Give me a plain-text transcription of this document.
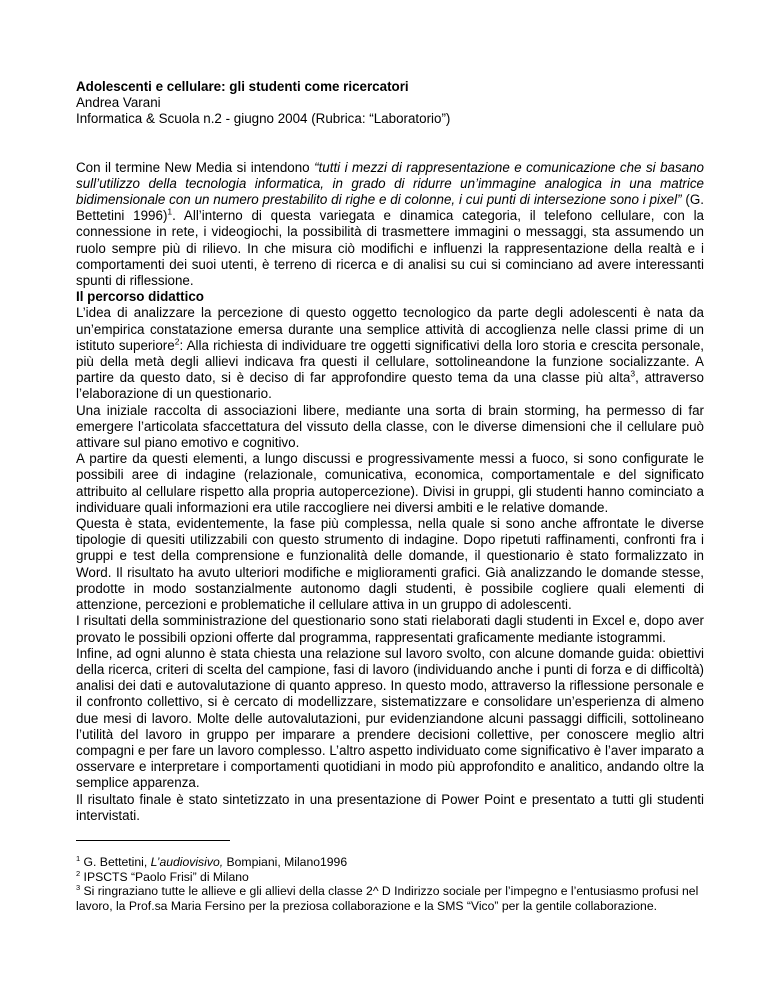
Adolescenti e cellulare: gli studenti come ricercatori

Andrea Varani

Informatica & Scuola n.2 - giugno 2004 (Rubrica: “Laboratorio”)

Con il termine New Media si intendono “tutti i mezzi di rappresentazione e comunicazione che si basano sull’utilizzo della tecnologia informatica, in grado di ridurre un’immagine analogica in una matrice bidimensionale con un numero prestabilito di righe e di colonne, i cui punti di intersezione sono i pixel” (G. Bettetini 1996)$^1$. All’interno di questa variegata e dinamica categoria, il telefono cellulare, con la connessione in rete, i videogiochi, la possibilità di trasmettere immagini o messaggi, sta assumendo un ruolo sempre più di rilievo. In che misura ciò modifichi e influenzi la rappresentazione della realtà e i comportamenti dei suoi utenti, è terreno di ricerca e di analisi su cui si cominciano ad avere interessanti spunti di riflessione.

Il percorso didattico

L’idea di analizzare la percezione di questo oggetto tecnologico da parte degli adolescenti è nata da un’empirica constatazione emersa durante una semplice attività di accoglienza nelle classi prime di un istituto superiore$^2$: Alla richiesta di individuare tre oggetti significativi della loro storia e crescita personale, più della metà degli allievi indicava fra questi il cellulare, sottolineandone la funzione socializzante. A partire da questo dato, si è deciso di far approfondire questo tema da una classe più alta$^3$, attraverso l’elaborazione di un questionario.

Una iniziale raccolta di associazioni libere, mediante una sorta di brain storming, ha permesso di far emergere l’articolata sfaccettatura del vissuto della classe, con le diverse dimensioni che il cellulare può attivare sul piano emotivo e cognitivo.

A partire da questi elementi, a lungo discussi e progressivamente messi a fuoco, si sono configurate le possibili aree di indagine (relazionale, comunicativa, economica, comportamentale e del significato attribuito al cellulare rispetto alla propria autopercezione). Divisi in gruppi, gli studenti hanno cominciato a individuare quali informazioni era utile raccogliere nei diversi ambiti e le relative domande.

Questa è stata, evidentemente, la fase più complessa, nella quale si sono anche affrontate le diverse tipologie di quesiti utilizzabili con questo strumento di indagine. Dopo ripetuti raffinamenti, confronti fra i gruppi e test della comprensione e funzionalità delle domande, il questionario è stato formalizzato in Word. Il risultato ha avuto ulteriori modifiche e miglioramenti grafici. Già analizzando le domande stesse, prodotte in modo sostanzialmente autonomo dagli studenti, è possibile cogliere quali elementi di attenzione, percezioni e problematiche il cellulare attiva in un gruppo di adolescenti.

I risultati della somministrazione del questionario sono stati rielaborati dagli studenti in Excel e, dopo aver provato le possibili opzioni offerte dal programma, rappresentati graficamente mediante istogrammi.

Infine, ad ogni alunno è stata chiesta una relazione sul lavoro svolto, con alcune domande guida: obiettivi della ricerca, criteri di scelta del campione, fasi di lavoro (individuando anche i punti di forza e di difficoltà) analisi dei dati e autovalutazione di quanto appreso. In questo modo, attraverso la riflessione personale e il confronto collettivo, si è cercato di modellizzare, sistematizzare e consolidare un’esperienza di almeno due mesi di lavoro. Molte delle autovalutazioni, pur evidenziandone alcuni passaggi difficili, sottolineano l’utilità del lavoro in gruppo per imparare a prendere decisioni collettive, per conoscere meglio altri compagni e per fare un lavoro complesso. L’altro aspetto individuato come significativo è l’aver imparato a osservare e interpretare i comportamenti quotidiani in modo più approfondito e analitico, andando oltre la semplice apparenza.

Il risultato finale è stato sintetizzato in una presentazione di Power Point e presentato a tutti gli studenti intervistati.

$^1$ G. Bettetini, L’audiovisivo, Bompiani, Milano1996

$^2$ IPSCTS “Paolo Frisi” di Milano

$^3$ Si ringraziano tutte le allieve e gli allievi della classe 2^ D Indirizzo sociale per l’impegno e l’entusiasmo profusi nel lavoro, la Prof.sa Maria Fersino per la preziosa collaborazione e la SMS “Vico” per la gentile collaborazione.
